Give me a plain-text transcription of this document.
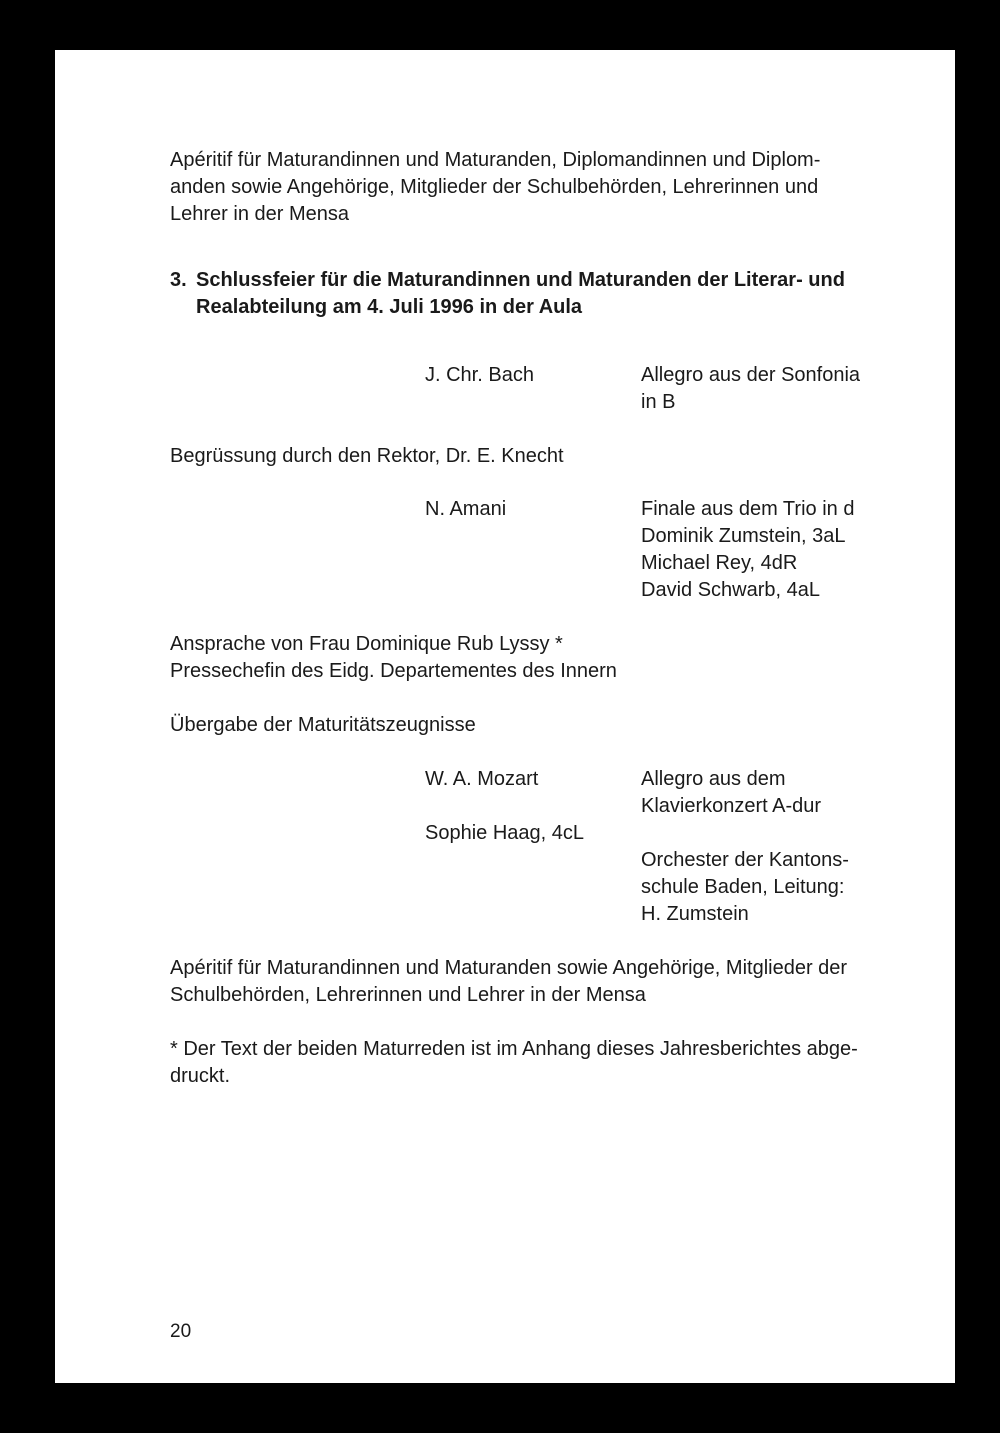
Apéritif für Maturandinnen und Maturanden, Diplomandinnen und Diplom-

anden sowie Angehörige, Mitglieder der Schulbehörden, Lehrerinnen und

Lehrer in der Mensa

3. Schlussfeier für die Maturandinnen und Maturanden der Literar- und

Realabteilung am 4. Juli 1996 in der Aula

J. Chr. Bach	Allegro aus der Sonfonia

in B

Begrüssung durch den Rektor, Dr. E. Knecht

N. Amani	Finale aus dem Trio in d

Dominik Zumstein, 3aL

Michael Rey, 4dR

David Schwarb, 4aL

Ansprache von Frau Dominique Rub Lyssy *

Pressechefin des Eidg. Departementes des Innern

Übergabe der Maturitätszeugnisse

W. A. Mozart	Allegro aus dem

Klavierkonzert A-dur

Sophie Haag, 4cL

Orchester der Kantons-

schule Baden, Leitung:

H. Zumstein

Apéritif für Maturandinnen und Maturanden sowie Angehörige, Mitglieder der

Schulbehörden, Lehrerinnen und Lehrer in der Mensa

* Der Text der beiden Maturreden ist im Anhang dieses Jahresberichtes abge-

druckt.

20
